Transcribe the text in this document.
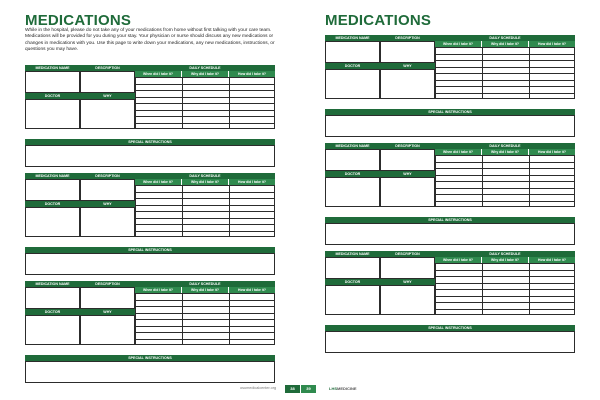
MEDICATIONS
While in the hospital, please do not take any of your medications from home without first talking with your care team. Medications will be provided for you during your stay. Your physician or nurse should discuss any new medications or changes in medications with you. Use this page to write down your medications, any new medications, instructions, or questions you may have.
MEDICATIONS
MEDICATION NAME	DESCRIPTION	DAILY SCHEDULE
When did I take it?	Why did I take it?	How did I take it?
DOCTOR	WHY
SPECIAL INSTRUCTIONS
MEDICATION NAME	DESCRIPTION	DAILY SCHEDULE
When did I take it?	Why did I take it?	How did I take it?
DOCTOR	WHY
SPECIAL INSTRUCTIONS
MEDICATION NAME	DESCRIPTION	DAILY SCHEDULE
When did I take it?	Why did I take it?	How did I take it?
DOCTOR	WHY
SPECIAL INSTRUCTIONS
MEDICATION NAME	DESCRIPTION	DAILY SCHEDULE
When did I take it?	Why did I take it?	How did I take it?
DOCTOR	WHY
SPECIAL INSTRUCTIONS
MEDICATION NAME	DESCRIPTION	DAILY SCHEDULE
When did I take it?	Why did I take it?	How did I take it?
DOCTOR	WHY
SPECIAL INSTRUCTIONS
MEDICATION NAME	DESCRIPTION	DAILY SCHEDULE
When did I take it?	Why did I take it?	How did I take it?
DOCTOR	WHY
SPECIAL INSTRUCTIONS
osumedicalcenter.org	38	39	LHSMEDICINE
